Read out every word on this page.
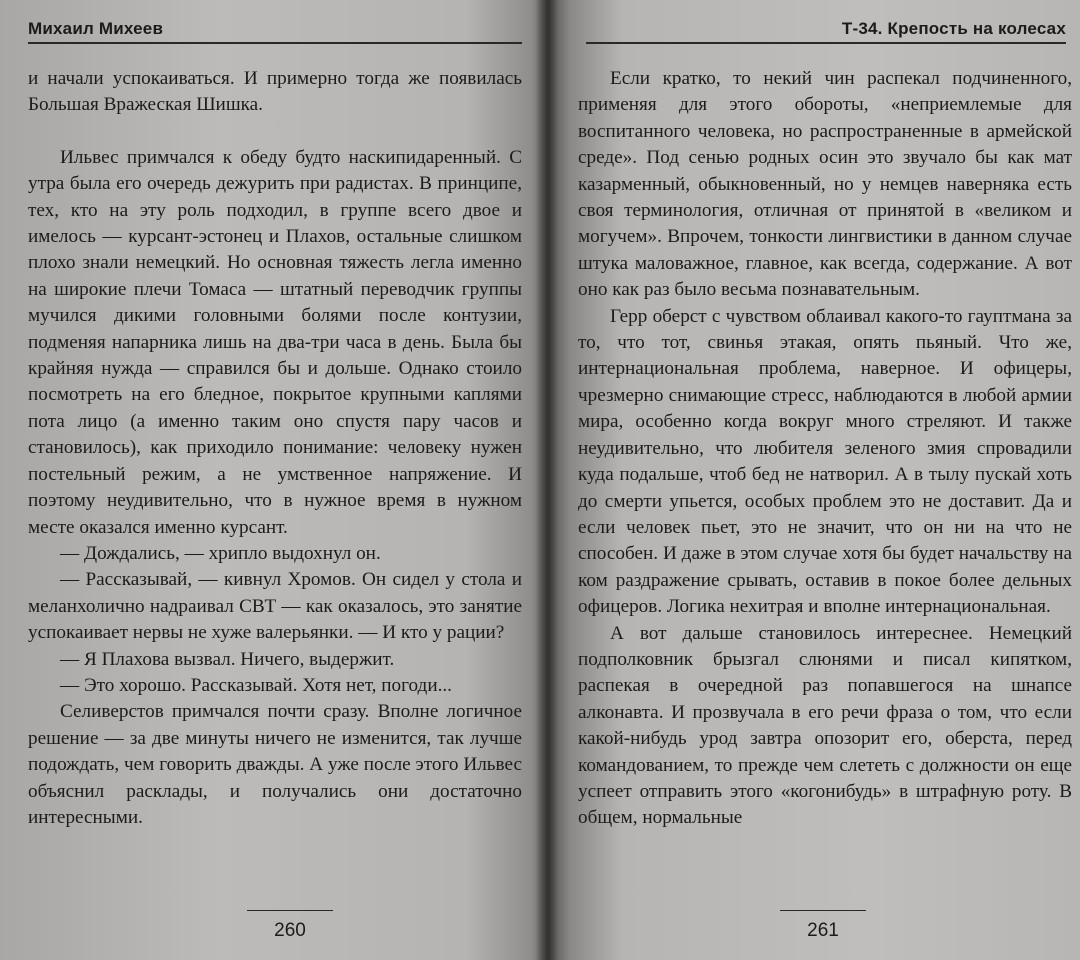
Михаил Михеев

и начали успокаиваться. И примерно тогда же появилась Большая Вражеская Шишка.

Ильвес примчался к обеду будто наскипидаренный. С утра была его очередь дежурить при радистах. В принципе, тех, кто на эту роль подходил, в группе всего двое и имелось — курсант-эстонец и Плахов, остальные слишком плохо знали немецкий. Но основная тяжесть легла именно на широкие плечи Томаса — штатный переводчик группы мучился дикими головными болями после контузии, подменяя напарника лишь на два-три часа в день. Была бы крайняя нужда — справился бы и дольше. Однако стоило посмотреть на его бледное, покрытое крупными каплями пота лицо (а именно таким оно спустя пару часов и становилось), как приходило понимание: человеку нужен постельный режим, а не умственное напряжение. И поэтому неудивительно, что в нужное время в нужном месте оказался именно курсант.

— Дождались, — хрипло выдохнул он.

— Рассказывай, — кивнул Хромов. Он сидел у стола и меланхолично надраивал СВТ — как оказалось, это занятие успокаивает нервы не хуже валерьянки. — И кто у рации?

— Я Плахова вызвал. Ничего, выдержит.

— Это хорошо. Рассказывай. Хотя нет, погоди...

Селиверстов примчался почти сразу. Вполне логичное решение — за две минуты ничего не изменится, так лучше подождать, чем говорить дважды. А уже после этого Ильвес объяснил расклады, и получались они достаточно интересными.

260
Т-34. Крепость на колесах

Если кратко, то некий чин распекал подчиненного, применяя для этого обороты, «неприемлемые для воспитанного человека, но распространенные в армейской среде». Под сенью родных осин это звучало бы как мат казарменный, обыкновенный, но у немцев наверняка есть своя терминология, отличная от принятой в «великом и могучем». Впрочем, тонкости лингвистики в данном случае штука маловажное, главное, как всегда, содержание. А вот оно как раз было весьма познавательным.

Герр оберст с чувством облаивал какого-то гауптмана за то, что тот, свинья этакая, опять пьяный. Что же, интернациональная проблема, наверное. И офицеры, чрезмерно снимающие стресс, наблюдаются в любой армии мира, особенно когда вокруг много стреляют. И также неудивительно, что любителя зеленого змия спровадили куда подальше, чтоб бед не натворил. А в тылу пускай хоть до смерти упьется, особых проблем это не доставит. Да и если человек пьет, это не значит, что он ни на что не способен. И даже в этом случае хотя бы будет начальству на ком раздражение срывать, оставив в покое более дельных офицеров. Логика нехитрая и вполне интернациональная.

А вот дальше становилось интереснее. Немецкий подполковник брызгал слюнями и писал кипятком, распекая в очередной раз попавшегося на шнапсе алконавта. И прозвучала в его речи фраза о том, что если какой-нибудь урод завтра опозорит его, оберста, перед командованием, то прежде чем слететь с должности он еще успеет отправить этого «когонибудь» в штрафную роту. В общем, нормальные

261
